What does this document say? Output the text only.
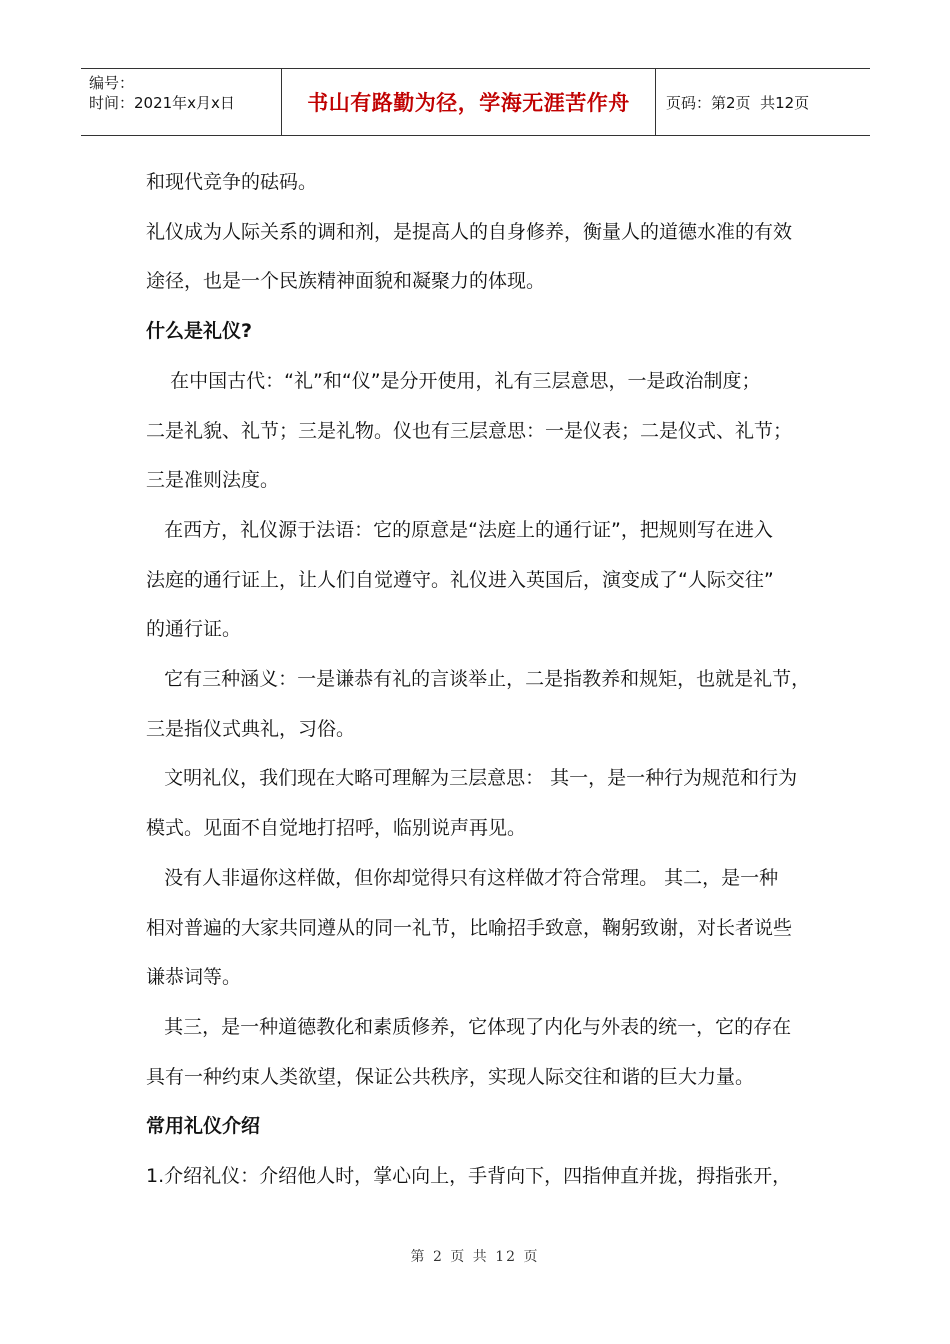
编号：
时间：2021年x月x日	书山有路勤为径，学海无涯苦作舟 页码：第2页  共12页

和现代竞争的砝码。

礼仪成为人际关系的调和剂，是提高人的自身修养，衡量人的道德水准的有效

途径，也是一个民族精神面貌和凝聚力的体现。

什么是礼仪?

在中国古代：“礼”和“仪”是分开使用，礼有三层意思，一是政治制度；

二是礼貌、礼节；三是礼物。仪也有三层意思：一是仪表；二是仪式、礼节；

三是准则法度。

在西方，礼仪源于法语：它的原意是“法庭上的通行证”，把规则写在进入

法庭的通行证上，让人们自觉遵守。礼仪进入英国后，演变成了“人际交往”

的通行证。

它有三种涵义：一是谦恭有礼的言谈举止，二是指教养和规矩，也就是礼节，

三是指仪式典礼，习俗。

文明礼仪，我们现在大略可理解为三层意思： 其一，是一种行为规范和行为

模式。见面不自觉地打招呼，临别说声再见。

没有人非逼你这样做，但你却觉得只有这样做才符合常理。 其二，是一种

相对普遍的大家共同遵从的同一礼节，比喻招手致意，鞠躬致谢，对长者说些

谦恭词等。

其三，是一种道德教化和素质修养，它体现了内化与外表的统一，它的存在

具有一种约束人类欲望，保证公共秩序，实现人际交往和谐的巨大力量。

常用礼仪介绍

1.介绍礼仪：介绍他人时，掌心向上，手背向下，四指伸直并拢，拇指张开，

第 2 页 共 12 页
